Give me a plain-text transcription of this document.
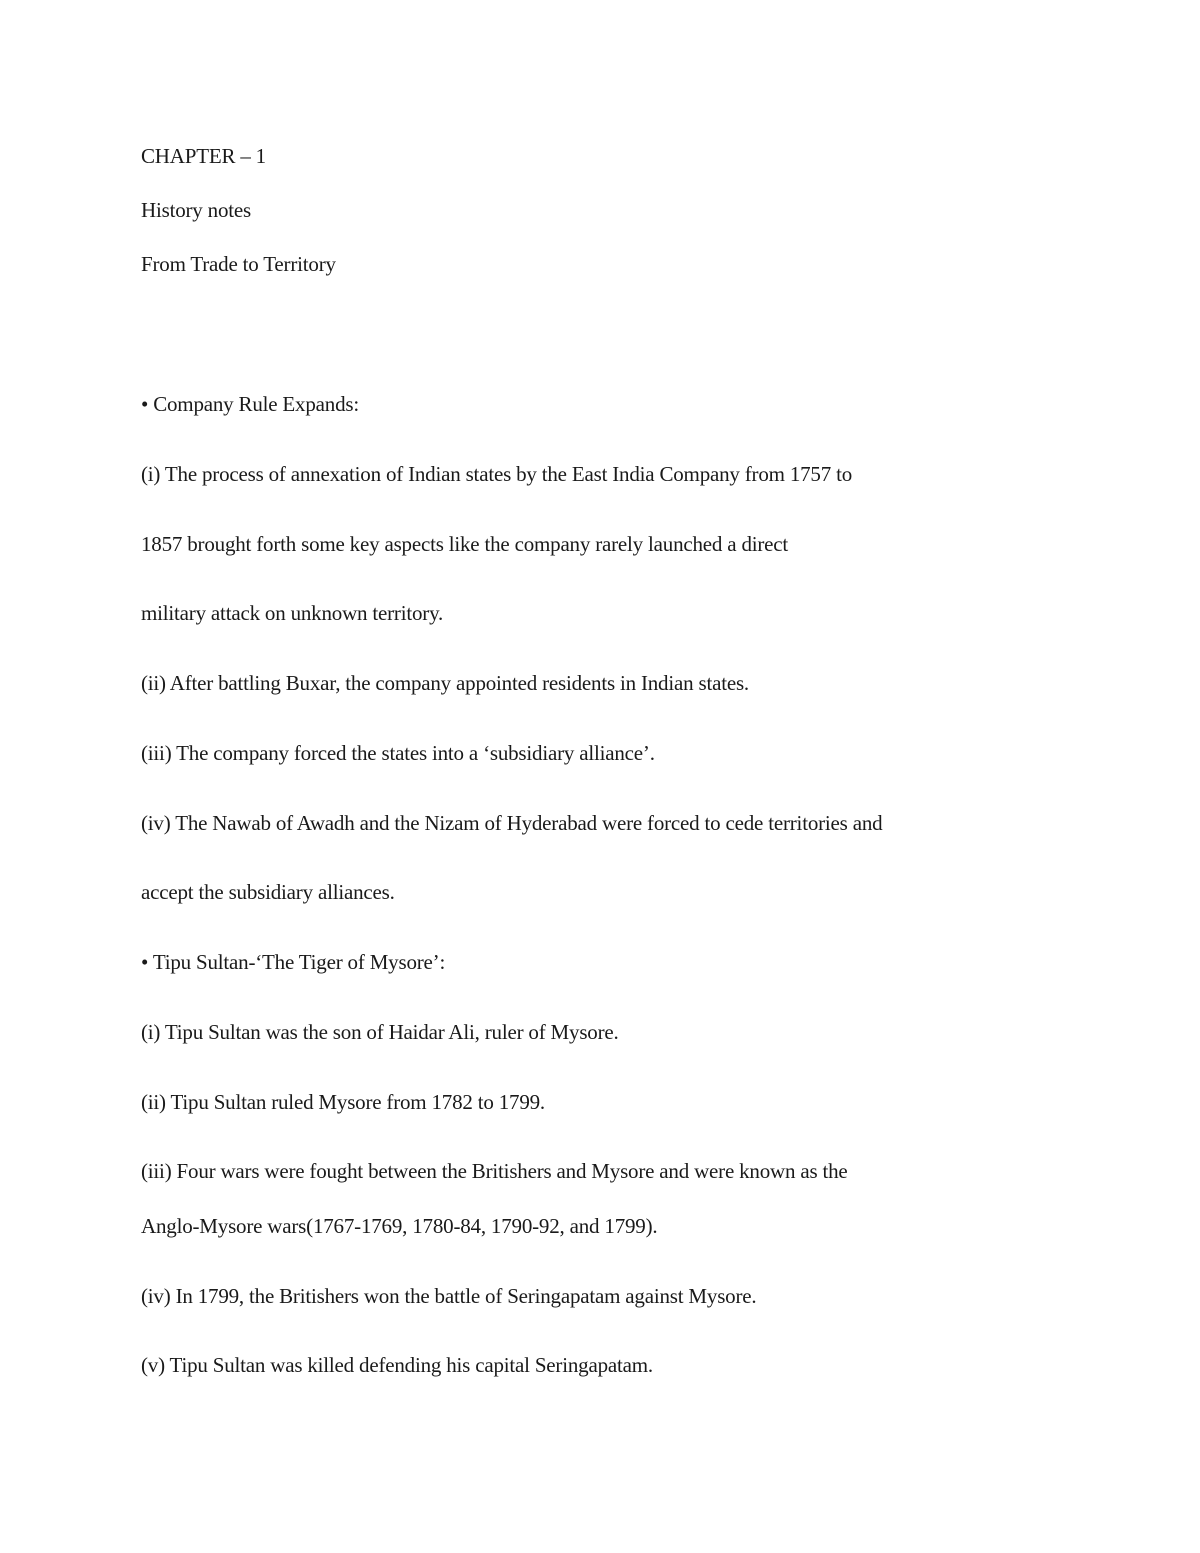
CHAPTER – 1
History notes
From Trade to Territory
• Company Rule Expands:
(i) The process of annexation of Indian states by the East India Company from 1757 to
1857 brought forth some key aspects like the company rarely launched a direct
military attack on unknown territory.
(ii) After battling Buxar, the company appointed residents in Indian states.
(iii) The company forced the states into a ‘subsidiary alliance’.
(iv) The Nawab of Awadh and the Nizam of Hyderabad were forced to cede territories and
accept the subsidiary alliances.
• Tipu Sultan-‘The Tiger of Mysore’:
(i) Tipu Sultan was the son of Haidar Ali, ruler of Mysore.
(ii) Tipu Sultan ruled Mysore from 1782 to 1799.
(iii) Four wars were fought between the Britishers and Mysore and were known as the
Anglo-Mysore wars(1767-1769, 1780-84, 1790-92, and 1799).
(iv) In 1799, the Britishers won the battle of Seringapatam against Mysore.
(v) Tipu Sultan was killed defending his capital Seringapatam.
